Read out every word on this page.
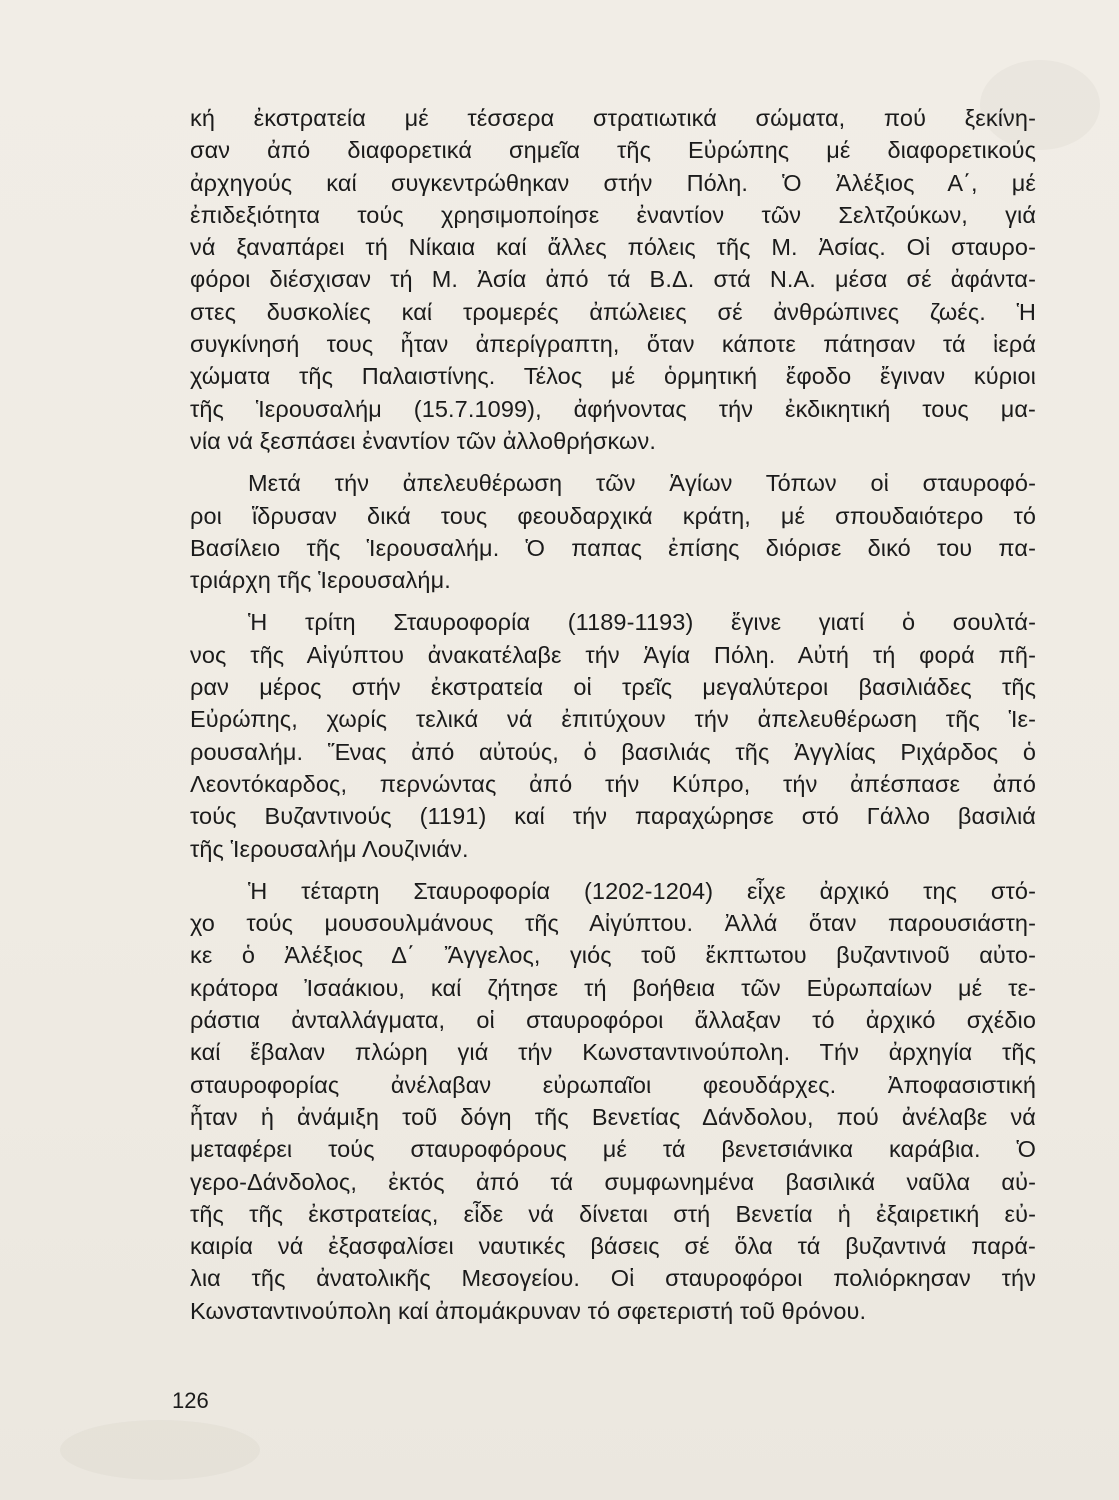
κή ἐκστρατεία μέ τέσσερα στρατιωτικά σώματα, πού ξεκίνη-
σαν ἀπό διαφορετικά σημεῖα τῆς Εὐρώπης μέ διαφορετικούς
ἀρχηγούς καί συγκεντρώθηκαν στήν Πόλη. Ὁ Ἀλέξιος Α΄, μέ
ἐπιδεξιότητα τούς χρησιμοποίησε ἐναντίον τῶν Σελτζούκων, γιά
νά ξαναπάρει τή Νίκαια καί ἄλλες πόλεις τῆς Μ. Ἀσίας. Οἱ σταυρο-
φόροι διέσχισαν τή Μ. Ἀσία ἀπό τά Β.Δ. στά Ν.Α. μέσα σέ ἀφάντα-
στες δυσκολίες καί τρομερές ἀπώλειες σέ ἀνθρώπινες ζωές. Ἡ
συγκίνησή τους ἦταν ἀπερίγραπτη, ὅταν κάποτε πάτησαν τά ἱερά
χώματα τῆς Παλαιστίνης. Τέλος μέ ὁρμητική ἔφοδο ἔγιναν κύριοι
τῆς Ἱερουσαλήμ (15.7.1099), ἀφήνοντας τήν ἐκδικητική τους μα-
νία νά ξεσπάσει ἐναντίον τῶν ἀλλοθρήσκων.
Μετά τήν ἀπελευθέρωση τῶν Ἁγίων Τόπων οἱ σταυροφό-
ροι ἵδρυσαν δικά τους φεουδαρχικά κράτη, μέ σπουδαιότερο τό
Βασίλειο τῆς Ἱερουσαλήμ. Ὁ παπας ἐπίσης διόρισε δικό του πα-
τριάρχη τῆς Ἱερουσαλήμ.
Ἡ τρίτη Σταυροφορία (1189-1193) ἔγινε γιατί ὁ σουλτά-
νος τῆς Αἰγύπτου ἀνακατέλαβε τήν Ἁγία Πόλη. Αὐτή τή φορά πῆ-
ραν μέρος στήν ἐκστρατεία οἱ τρεῖς μεγαλύτεροι βασιλιάδες τῆς
Εὐρώπης, χωρίς τελικά νά ἐπιτύχουν τήν ἀπελευθέρωση τῆς Ἱε-
ρουσαλήμ. Ἕνας ἀπό αὐτούς, ὁ βασιλιάς τῆς Ἀγγλίας Ριχάρδος ὁ
Λεοντόκαρδος, περνώντας ἀπό τήν Κύπρο, τήν ἀπέσπασε ἀπό
τούς Βυζαντινούς (1191) καί τήν παραχώρησε στό Γάλλο βασιλιά
τῆς Ἱερουσαλήμ Λουζινιάν.
Ἡ τέταρτη Σταυροφορία (1202-1204) εἶχε ἀρχικό της στό-
χο τούς μουσουλμάνους τῆς Αἰγύπτου. Ἀλλά ὅταν παρουσιάστη-
κε ὁ Ἀλέξιος Δ΄ Ἄγγελος, γιός τοῦ ἔκπτωτου βυζαντινοῦ αὐτο-
κράτορα Ἰσαάκιου, καί ζήτησε τή βοήθεια τῶν Εὐρωπαίων μέ τε-
ράστια ἀνταλλάγματα, οἱ σταυροφόροι ἄλλαξαν τό ἀρχικό σχέδιο
καί ἔβαλαν πλώρη γιά τήν Κωνσταντινούπολη. Τήν ἀρχηγία τῆς
σταυροφορίας ἀνέλαβαν εὐρωπαῖοι φεουδάρχες. Ἀποφασιστική
ἦταν ἡ ἀνάμιξη τοῦ δόγη τῆς Βενετίας Δάνδολου, πού ἀνέλαβε νά
μεταφέρει τούς σταυροφόρους μέ τά βενετσιάνικα καράβια. Ὁ
γερο-Δάνδολος, ἐκτός ἀπό τά συμφωνημένα βασιλικά ναῦλα αὐ-
τῆς τῆς ἐκστρατείας, εἶδε νά δίνεται στή Βενετία ἡ ἐξαιρετική εὐ-
καιρία νά ἐξασφαλίσει ναυτικές βάσεις σέ ὅλα τά βυζαντινά παρά-
λια τῆς ἀνατολικῆς Μεσογείου. Οἱ σταυροφόροι πολιόρκησαν τήν
Κωνσταντινούπολη καί ἀπομάκρυναν τό σφετεριστή τοῦ θρόνου.
126
